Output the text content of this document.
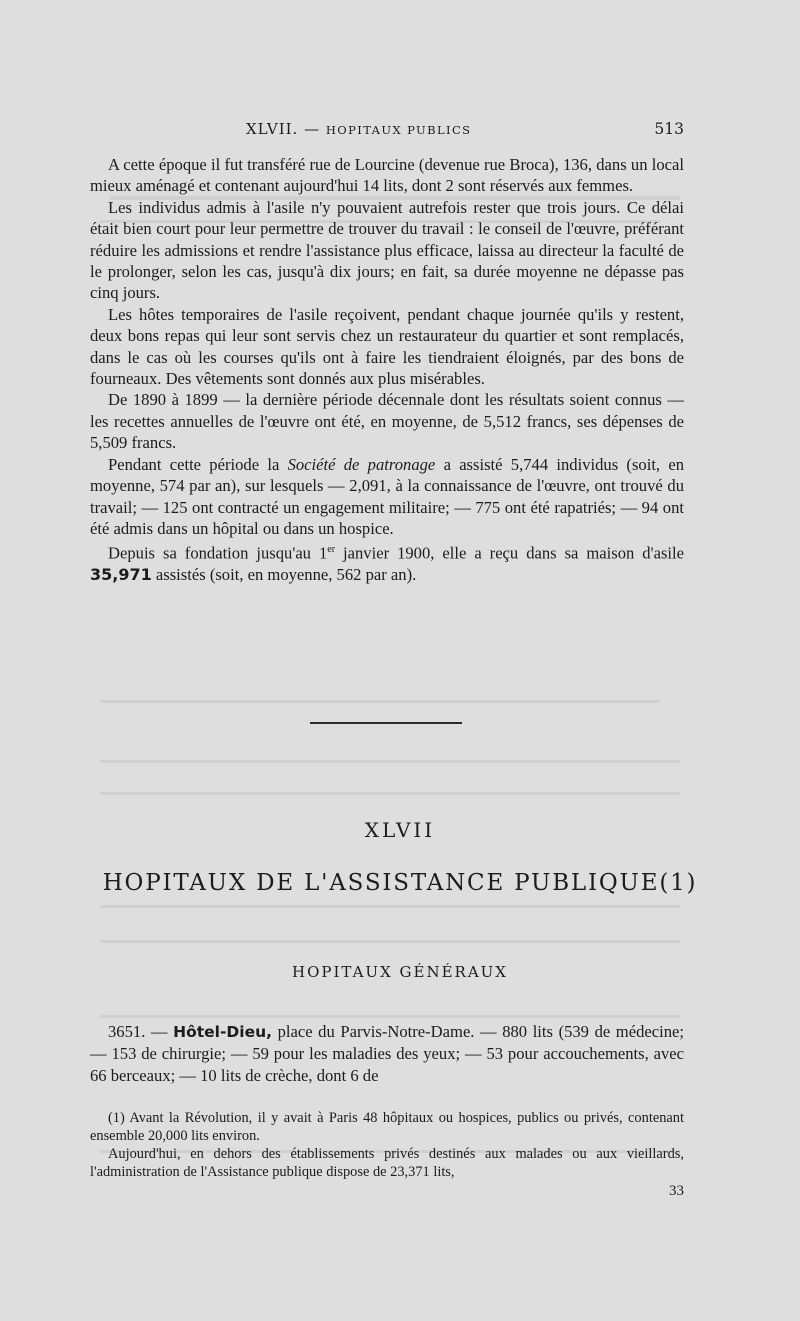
XLVII. — HOPITAUX PUBLICS	513

A cette époque il fut transféré rue de Lourcine (devenue rue Broca), 136, dans un local mieux aménagé et contenant aujourd'hui 14 lits, dont 2 sont réservés aux femmes.

Les individus admis à l'asile n'y pouvaient autrefois rester que trois jours. Ce délai était bien court pour leur permettre de trouver du travail : le conseil de l'œuvre, préférant réduire les admissions et rendre l'assistance plus efficace, laissa au directeur la faculté de le prolonger, selon les cas, jusqu'à dix jours; en fait, sa durée moyenne ne dépasse pas cinq jours.

Les hôtes temporaires de l'asile reçoivent, pendant chaque journée qu'ils y restent, deux bons repas qui leur sont servis chez un restaurateur du quartier et sont remplacés, dans le cas où les courses qu'ils ont à faire les tiendraient éloignés, par des bons de fourneaux. Des vêtements sont donnés aux plus misérables.

De 1890 à 1899 — la dernière période décennale dont les résultats soient connus — les recettes annuelles de l'œuvre ont été, en moyenne, de 5,512 francs, ses dépenses de 5,509 francs.

Pendant cette période la Société de patronage a assisté 5,744 individus (soit, en moyenne, 574 par an), sur lesquels — 2,091, à la connaissance de l'œuvre, ont trouvé du travail; — 125 ont contracté un engagement militaire; — 775 ont été rapatriés; — 94 ont été admis dans un hôpital ou dans un hospice.

Depuis sa fondation jusqu'au 1er janvier 1900, elle a reçu dans sa maison d'asile 35,971 assistés (soit, en moyenne, 562 par an).

XLVII
HOPITAUX DE L'ASSISTANCE PUBLIQUE(1)
HOPITAUX GÉNÉRAUX

3651. — Hôtel-Dieu, place du Parvis-Notre-Dame. — 880 lits (539 de médecine; — 153 de chirurgie; — 59 pour les maladies des yeux; — 53 pour accouchements, avec 66 berceaux; — 10 lits de crèche, dont 6 de

(1) Avant la Révolution, il y avait à Paris 48 hôpitaux ou hospices, publics ou privés, contenant ensemble 20,000 lits environ.

Aujourd'hui, en dehors des établissements privés destinés aux malades ou aux vieillards, l'administration de l'Assistance publique dispose de 23,371 lits,

33
